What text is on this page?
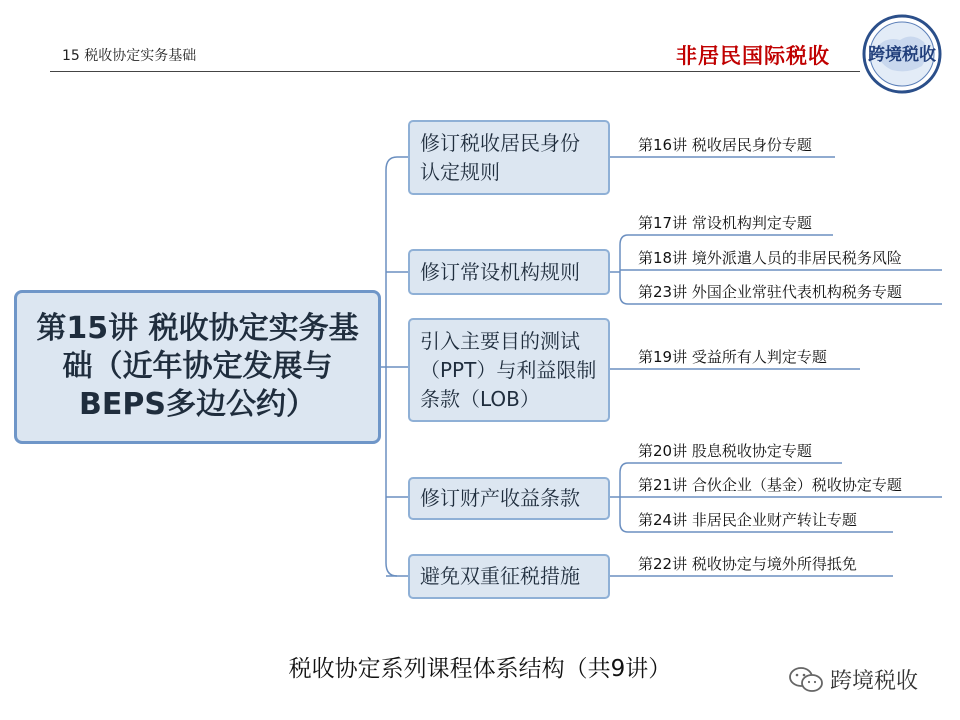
15 税收协定实务基础	非居民国际税收 跨境税收
第15讲 税收协定实务基础（近年协定发展与BEPS多边公约）
修订税收居民身份认定规则
修订常设机构规则
引入主要目的测试（PPT）与利益限制条款（LOB）
修订财产收益条款
避免双重征税措施
第16讲 税收居民身份专题
第17讲 常设机构判定专题
第18讲 境外派遣人员的非居民税务风险
第23讲 外国企业常驻代表机构税务专题
第19讲 受益所有人判定专题
第20讲 股息税收协定专题
第21讲 合伙企业（基金）税收协定专题
第24讲 非居民企业财产转让专题
第22讲 税收协定与境外所得抵免
税收协定系列课程体系结构（共9讲）	跨境税收
